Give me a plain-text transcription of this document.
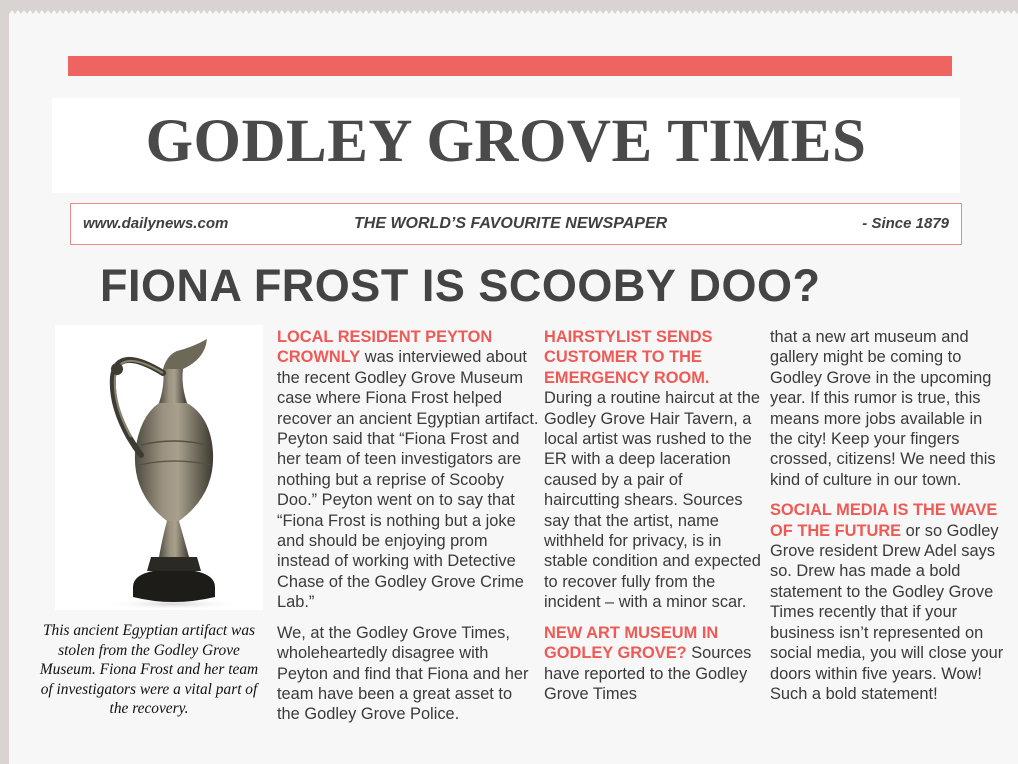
GODLEY GROVE TIMES
www.dailynews.com	THE WORLD’S FAVOURITE NEWSPAPER	- Since 1879
FIONA FROST IS SCOOBY DOO?
This ancient Egyptian artifact was stolen from the Godley Grove Museum. Fiona Frost and her team of investigators were a vital part of the recovery.

LOCAL RESIDENT PEYTON CROWNLY was interviewed about the recent Godley Grove Museum case where Fiona Frost helped recover an ancient Egyptian artifact. Peyton said that “Fiona Frost and her team of teen investigators are nothing but a reprise of Scooby Doo.” Peyton went on to say that “Fiona Frost is nothing but a joke and should be enjoying prom instead of working with Detective Chase of the Godley Grove Crime Lab.”

We, at the Godley Grove Times, wholeheartedly disagree with Peyton and find that Fiona and her team have been a great asset to the Godley Grove Police.

HAIRSTYLIST SENDS CUSTOMER TO THE EMERGENCY ROOM. During a routine haircut at the Godley Grove Hair Tavern, a local artist was rushed to the ER with a deep laceration caused by a pair of haircutting shears. Sources say that the artist, name withheld for privacy, is in stable condition and expected to recover fully from the incident – with a minor scar.

NEW ART MUSEUM IN GODLEY GROVE? Sources have reported to the Godley Grove Times

that a new art museum and gallery might be coming to Godley Grove in the upcoming year. If this rumor is true, this means more jobs available in the city! Keep your fingers crossed, citizens! We need this kind of culture in our town.

SOCIAL MEDIA IS THE WAVE OF THE FUTURE or so Godley Grove resident Drew Adel says so. Drew has made a bold statement to the Godley Grove Times recently that if your business isn’t represented on social media, you will close your doors within five years. Wow! Such a bold statement!
